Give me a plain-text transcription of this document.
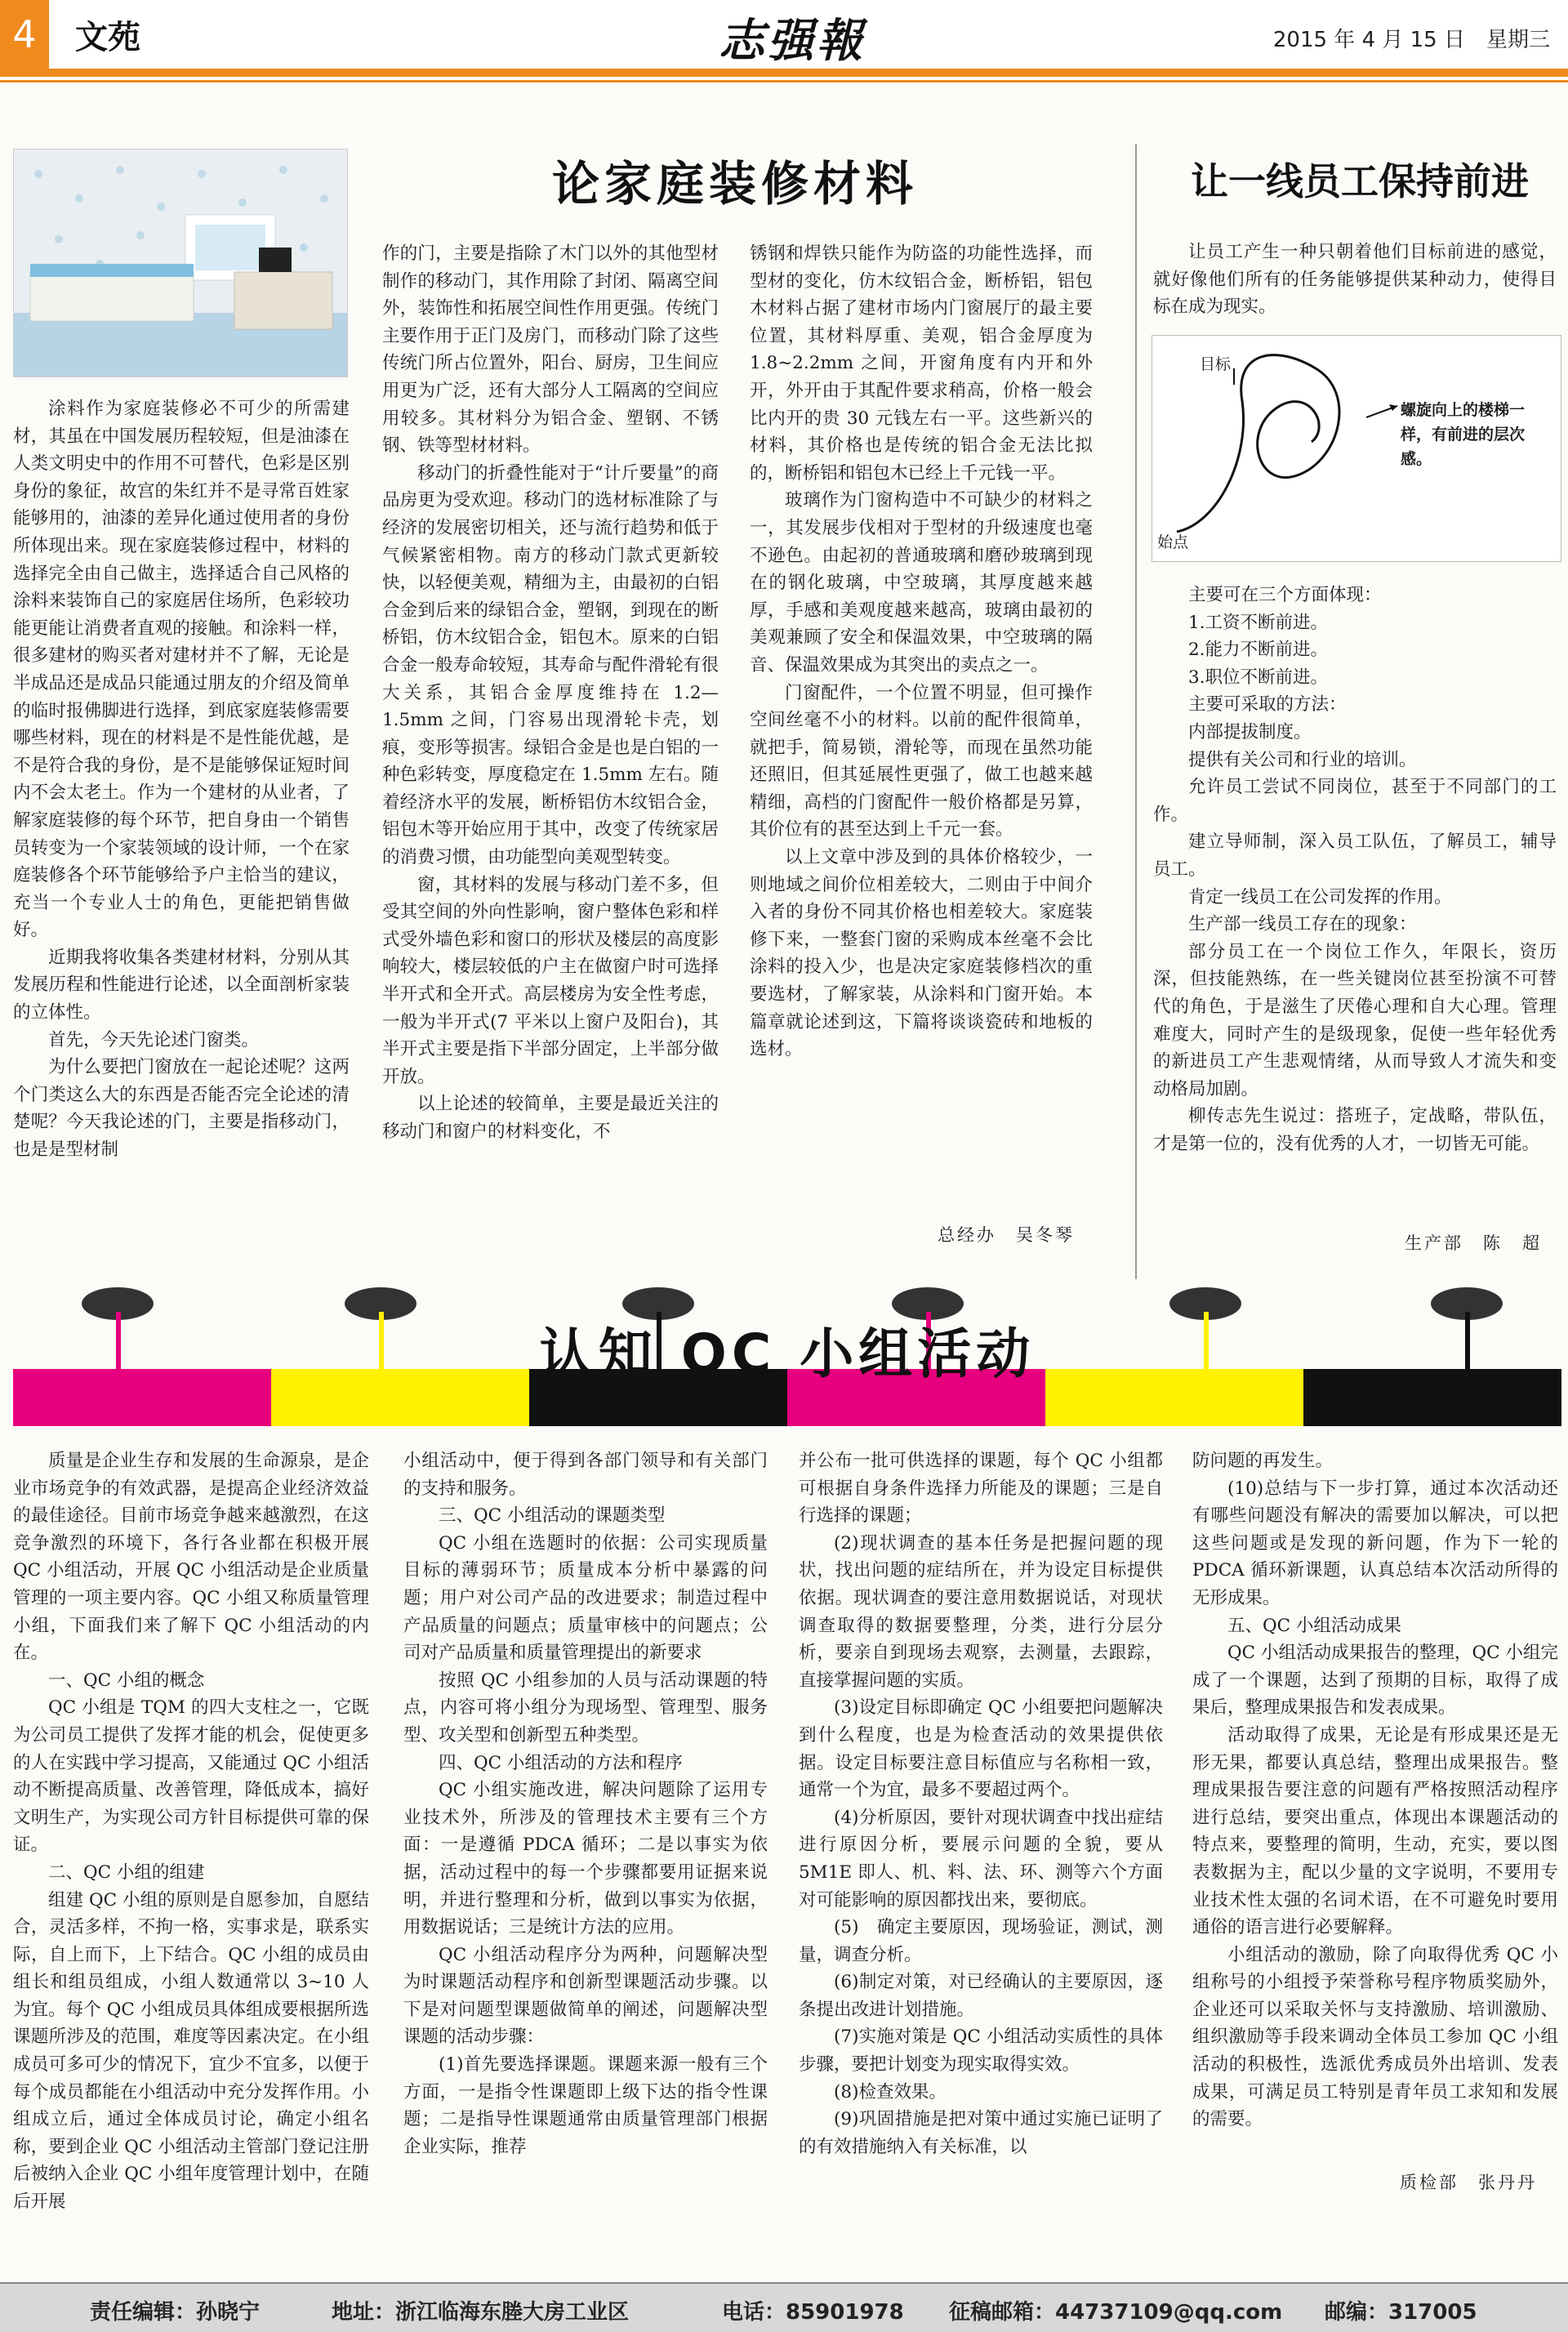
4	文苑	志强報	2015 年 4 月 15 日　星期三
论家庭装修材料

涂料作为家庭装修必不可少的所需建材，其虽在中国发展历程较短，但是油漆在人类文明史中的作用不可替代，色彩是区别身份的象征，故宫的朱红并不是寻常百姓家能够用的，油漆的差异化通过使用者的身份所体现出来。现在家庭装修过程中，材料的选择完全由自己做主，选择适合自己风格的涂料来装饰自己的家庭居住场所，色彩较功能更能让消费者直观的接触。和涂料一样，很多建材的购买者对建材并不了解，无论是半成品还是成品只能通过朋友的介绍及简单的临时报佛脚进行选择，到底家庭装修需要哪些材料，现在的材料是不是性能优越，是不是符合我的身份，是不是能够保证短时间内不会太老土。作为一个建材的从业者，了解家庭装修的每个环节，把自身由一个销售员转变为一个家装领域的设计师，一个在家庭装修各个环节能够给予户主恰当的建议，充当一个专业人士的角色，更能把销售做好。

近期我将收集各类建材材料，分别从其发展历程和性能进行论述，以全面剖析家装的立体性。

首先，今天先论述门窗类。

为什么要把门窗放在一起论述呢？这两个门类这么大的东西是否能否完全论述的清楚呢？今天我论述的门，主要是指移动门，也是是型材制

作的门，主要是指除了木门以外的其他型材制作的移动门，其作用除了封闭、隔离空间外，装饰性和拓展空间性作用更强。传统门主要作用于正门及房门，而移动门除了这些传统门所占位置外，阳台、厨房，卫生间应用更为广泛，还有大部分人工隔离的空间应用较多。其材料分为铝合金、塑钢、不锈钢、铁等型材材料。

移动门的折叠性能对于“计斤要量”的商品房更为受欢迎。移动门的选材标准除了与经济的发展密切相关，还与流行趋势和低于气候紧密相物。南方的移动门款式更新较快，以轻便美观，精细为主，由最初的白铝合金到后来的绿铝合金，塑钢，到现在的断桥铝，仿木纹铝合金，铝包木。原来的白铝合金一般寿命较短，其寿命与配件滑轮有很大关系，其铝合金厚度维持在 1.2—1.5mm 之间，门容易出现滑轮卡壳，划痕，变形等损害。绿铝合金是也是白铝的一种色彩转变，厚度稳定在 1.5mm 左右。随着经济水平的发展，断桥铝仿木纹铝合金，铝包木等开始应用于其中，改变了传统家居的消费习惯，由功能型向美观型转变。

窗，其材料的发展与移动门差不多，但受其空间的外向性影响，窗户整体色彩和样式受外墙色彩和窗口的形状及楼层的高度影响较大，楼层较低的户主在做窗户时可选择半开式和全开式。高层楼房为安全性考虑，一般为半开式(7 平米以上窗户及阳台)，其半开式主要是指下半部分固定，上半部分做开放。

以上论述的较简单，主要是最近关注的移动门和窗户的材料变化，不

锈钢和焊铁只能作为防盗的功能性选择，而型材的变化，仿木纹铝合金，断桥铝，铝包木材料占据了建材市场内门窗展厅的最主要位置，其材料厚重、美观，铝合金厚度为 1.8~2.2mm 之间，开窗角度有内开和外开，外开由于其配件要求稍高，价格一般会比内开的贵 30 元钱左右一平。这些新兴的材料，其价格也是传统的铝合金无法比拟的，断桥铝和铝包木已经上千元钱一平。

玻璃作为门窗构造中不可缺少的材料之一，其发展步伐相对于型材的升级速度也毫不逊色。由起初的普通玻璃和磨砂玻璃到现在的钢化玻璃，中空玻璃，其厚度越来越厚，手感和美观度越来越高，玻璃由最初的美观兼顾了安全和保温效果，中空玻璃的隔音、保温效果成为其突出的卖点之一。

门窗配件，一个位置不明显，但可操作空间丝毫不小的材料。以前的配件很简单，就把手，简易锁，滑轮等，而现在虽然功能还照旧，但其延展性更强了，做工也越来越精细，高档的门窗配件一般价格都是另算，其价位有的甚至达到上千元一套。

以上文章中涉及到的具体价格较少，一则地域之间价位相差较大，二则由于中间介入者的身份不同其价格也相差较大。家庭装修下来，一整套门窗的采购成本丝毫不会比涂料的投入少，也是决定家庭装修档次的重要选材，了解家装，从涂料和门窗开始。本篇章就论述到这，下篇将谈谈瓷砖和地板的选材。

总经办　吴冬琴
让一线员工保持前进

让员工产生一种只朝着他们目标前进的感觉，就好像他们所有的任务能够提供某种动力，使得目标在成为现实。

目标
始点
螺旋向上的楼梯一样，有前进的层次感。

主要可在三个方面体现：

1.工资不断前进。

2.能力不断前进。

3.职位不断前进。

主要可采取的方法：

内部提拔制度。

提供有关公司和行业的培训。

允许员工尝试不同岗位，甚至于不同部门的工作。

建立导师制，深入员工队伍，了解员工，辅导员工。

肯定一线员工在公司发挥的作用。

生产部一线员工存在的现象：

部分员工在一个岗位工作久，年限长，资历深，但技能熟练，在一些关键岗位甚至扮演不可替代的角色，于是滋生了厌倦心理和自大心理。管理难度大，同时产生的是级现象，促使一些年轻优秀的新进员工产生悲观情绪，从而导致人才流失和变动格局加剧。

柳传志先生说过：搭班子，定战略，带队伍，才是第一位的，没有优秀的人才，一切皆无可能。

生产部　陈　超
认知 QC 小组活动

质量是企业生存和发展的生命源泉，是企业市场竞争的有效武器，是提高企业经济效益的最佳途径。目前市场竞争越来越激烈，在这竞争激烈的环境下，各行各业都在积极开展 QC 小组活动，开展 QC 小组活动是企业质量管理的一项主要内容。QC 小组又称质量管理小组，下面我们来了解下 QC 小组活动的内在。

一、QC 小组的概念

QC 小组是 TQM 的四大支柱之一，它既为公司员工提供了发挥才能的机会，促使更多的人在实践中学习提高，又能通过 QC 小组活动不断提高质量、改善管理，降低成本，搞好文明生产，为实现公司方针目标提供可靠的保证。

二、QC 小组的组建

组建 QC 小组的原则是自愿参加，自愿结合，灵活多样，不拘一格，实事求是，联系实际，自上而下，上下结合。QC 小组的成员由组长和组员组成，小组人数通常以 3~10 人为宜。每个 QC 小组成员具体组成要根据所选课题所涉及的范围，难度等因素决定。在小组成员可多可少的情况下，宜少不宜多，以便于每个成员都能在小组活动中充分发挥作用。小组成立后，通过全体成员讨论，确定小组名称，要到企业 QC 小组活动主管部门登记注册后被纳入企业 QC 小组年度管理计划中，在随后开展

小组活动中，便于得到各部门领导和有关部门的支持和服务。

三、QC 小组活动的课题类型

QC 小组在选题时的依据：公司实现质量目标的薄弱环节；质量成本分析中暴露的问题；用户对公司产品的改进要求；制造过程中产品质量的问题点；质量审核中的问题点；公司对产品质量和质量管理提出的新要求

按照 QC 小组参加的人员与活动课题的特点，内容可将小组分为现场型、管理型、服务型、攻关型和创新型五种类型。

四、QC 小组活动的方法和程序

QC 小组实施改进，解决问题除了运用专业技术外，所涉及的管理技术主要有三个方面：一是遵循 PDCA 循环；二是以事实为依据，活动过程中的每一个步骤都要用证据来说明，并进行整理和分析，做到以事实为依据，用数据说话；三是统计方法的应用。

QC 小组活动程序分为两种，问题解决型为时课题活动程序和创新型课题活动步骤。以下是对问题型课题做简单的阐述，问题解决型课题的活动步骤：

(1)首先要选择课题。课题来源一般有三个方面，一是指令性课题即上级下达的指令性课题；二是指导性课题通常由质量管理部门根据企业实际，推荐

并公布一批可供选择的课题，每个 QC 小组都可根据自身条件选择力所能及的课题；三是自行选择的课题；

(2)现状调查的基本任务是把握问题的现状，找出问题的症结所在，并为设定目标提供依据。现状调查的要注意用数据说话，对现状调查取得的数据要整理，分类，进行分层分析，要亲自到现场去观察，去测量，去跟踪，直接掌握问题的实质。

(3)设定目标即确定 QC 小组要把问题解决到什么程度，也是为检查活动的效果提供依据。设定目标要注意目标值应与名称相一致，通常一个为宜，最多不要超过两个。

(4)分析原因，要针对现状调查中找出症结进行原因分析，要展示问题的全貌，要从 5M1E 即人、机、料、法、环、测等六个方面对可能影响的原因都找出来，要彻底。

(5)　确定主要原因，现场验证，测试，测量，调查分析。

(6)制定对策，对已经确认的主要原因，逐条提出改进计划措施。

(7)实施对策是 QC 小组活动实质性的具体步骤，要把计划变为现实取得实效。

(8)检查效果。

(9)巩固措施是把对策中通过实施已证明了的有效措施纳入有关标准，以

防问题的再发生。

(10)总结与下一步打算，通过本次活动还有哪些问题没有解决的需要加以解决，可以把这些问题或是发现的新问题，作为下一轮的 PDCA 循环新课题，认真总结本次活动所得的无形成果。

五、QC 小组活动成果

QC 小组活动成果报告的整理，QC 小组完成了一个课题，达到了预期的目标，取得了成果后，整理成果报告和发表成果。

活动取得了成果，无论是有形成果还是无形无果，都要认真总结，整理出成果报告。整理成果报告要注意的问题有严格按照活动程序进行总结，要突出重点，体现出本课题活动的特点来，要整理的简明，生动，充实，要以图表数据为主，配以少量的文字说明，不要用专业技术性太强的名词术语，在不可避免时要用通俗的语言进行必要解释。

小组活动的激励，除了向取得优秀 QC 小组称号的小组授予荣誉称号程序物质奖励外，企业还可以采取关怀与支持激励、培训激励、组织激励等手段来调动全体员工参加 QC 小组活动的积极性，选派优秀成员外出培训、发表成果，可满足员工特别是青年员工求知和发展的需要。

质检部　张丹丹
责任编辑：孙晓宁	地址：浙江临海东塍大房工业区	电话：85901978 征稿邮箱：44737109@qq.com 邮编：317005
